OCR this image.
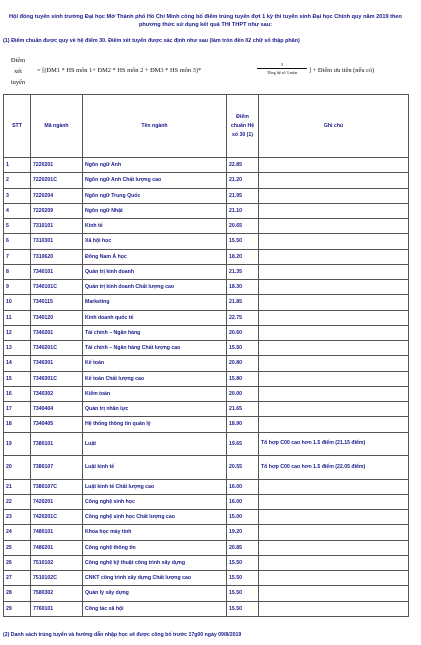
Hội đồng tuyển sinh trường Đại học Mở Thành phố Hồ Chí Minh công bố điểm trúng tuyển đợt 1 kỳ thi tuyển sinh Đại học Chính quy năm 2019 theo phương thức sử dụng kết quả THI THPT như sau:
(1) Điểm chuẩn được quy về hệ điểm 30. Điểm xét tuyển được xác định như sau (làm tròn đến 02 chữ số thập phân)
Điểm xét tuyển
= [(ĐM1 * HS môn 1+ ĐM2 * HS môn 2 + ĐM3 * HS môn 3)*
3
Tổng hệ số 3 môn	] + Điểm ưu tiên (nếu có)
STT	Mã ngành	Tên ngành	Điểm chuẩn Hệ số 30 (1)	Ghi chú
1	7220201	Ngôn ngữ Anh	22.85	
2	7220201C	Ngôn ngữ Anh Chất lượng cao	21.20	
3	7220204	Ngôn ngữ Trung Quốc	21.95	
4	7220209	Ngôn ngữ Nhật	21.10	
5	7310101	Kinh tế	20.65	
6	7310301	Xã hội học	15.50	
7	7310620	Đông Nam Á học	18.20	
8	7340101	Quản trị kinh doanh	21.35	
9	7340101C	Quản trị kinh doanh Chất lượng cao	18.30	
10	7340115	Marketing	21.85	
11	7340120	Kinh doanh quốc tế	22.75	
12	7340201	Tài chính – Ngân hàng	20.60	
13	7340201C	Tài chính – Ngân hàng Chất lượng cao	15.50	
14	7340301	Kế toán	20.80	
15	7340301C	Kế toán Chất lượng cao	15.80	
16	7340302	Kiểm toán	20.00	
17	7340404	Quản trị nhân lực	21.65	
18	7340405	Hệ thống thông tin quản lý	18.90	
19	7380101	Luật	19.65	Tổ hợp C00 cao hơn 1.5 điểm (21.15 điểm)
20	7380107	Luật kinh tế	20.55	Tổ hợp C00 cao hơn 1.5 điểm (22.05 điểm)
21	7380107C	Luật kinh tế Chất lượng cao	16.00	
22	7420201	Công nghệ sinh học	16.00	
23	7420201C	Công nghệ sinh học Chất lượng cao	15.00	
24	7480101	Khoa học máy tính	19.20	
25	7480201	Công nghệ thông tin	20.85	
26	7510102	Công nghệ kỹ thuật công trình xây dựng	15.50	
27	7510102C	CNKT công trình xây dựng Chất lượng cao	15.50	
28	7580302	Quản lý xây dựng	15.50	
29	7760101	Công tác xã hội	15.50	
(2) Danh sách trúng tuyển và hướng dẫn nhập học sẽ được công bố trước 17g00 ngày 09/8/2019
